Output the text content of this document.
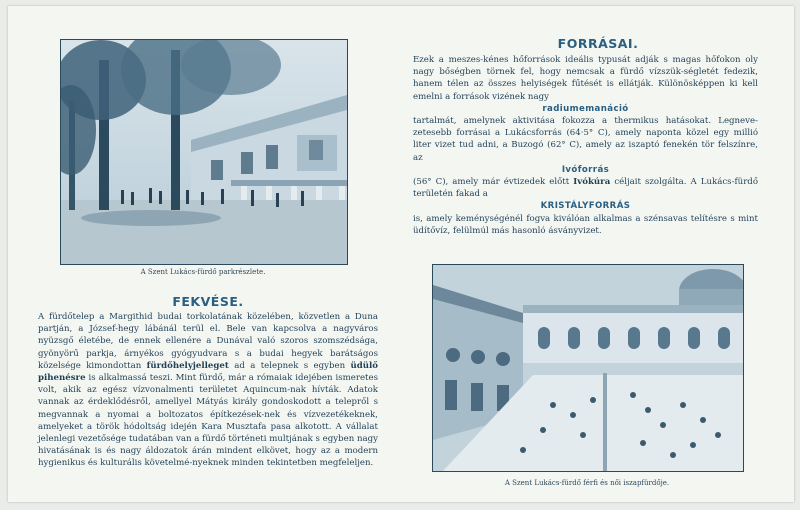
A Szent Lukács-fürdő parkrészlete.
FEKVÉSE.

A fürdőtelep a Margithid budai torkolatának közelében, közvetlen a Duna partján, a József-hegy lábánál terül el. Bele van kapcsolva a nagyváros nyüzsgő életébe, de ennek ellenére a Dunával való szoros szomszédsága, gyönyörű parkja, árnyékos gyógyudvara s a budai hegyek barátságos közelsége kimondottan fürdőhelyjelleget ad a telepnek s egyben üdülő pihenésre is alkalmassá teszi. Mint fürdő, már a rómaiak idejében ismeretes volt, akik az egész vízvonalmenti területet Aquincum-nak hívták. Adatok vannak az érdeklődésről, amellyel Mátyás király gondoskodott a telepről s megvannak a nyomai a boltozatos építkezések-nek és vízvezetékeknek, amelyeket a török hódoltság idején Kara Musztafa pasa alkotott. A vállalat jelenlegi vezetősége tudatában van a fürdő történeti multjának s egyben nagy hivatásának is és nagy áldozatok árán mindent elkövet, hogy az a modern hygienikus és kulturális követelmé-nyeknek minden tekintetben megfeleljen.

FORRÁSAI.

Ezek a meszes-kénes hőforrások ideális typusát adják s magas hőfokon oly nagy bőségben törnek fel, hogy nemcsak a fürdő vízszük-ségletét fedezik, hanem télen az összes helyiségek fűtését is ellátják. Különösképpen ki kell emelni a források vizének nagy

radiumemanáció

tartalmát, amelynek aktivitása fokozza a thermikus hatásokat. Legneve-zetesebb forrásai a Lukácsforrás (64·5° C), amely naponta közel egy millió liter vizet tud adni, a Buzogó (62° C), amely az iszaptó fenekén tör felszínre, az

Ivóforrás

(56° C), amely már évtizedek előtt Ivókúra céljait szolgálta. A Lukács-fürdő területén fakad a

KRISTÁLYFORRÁS

is, amely keménységénél fogva kiválóan alkalmas a szénsavas telítésre s mint üdítővíz, felülmúl más hasonló ásványvizet.

A Szent Lukács-fürdő férfi és női iszapfürdője.
